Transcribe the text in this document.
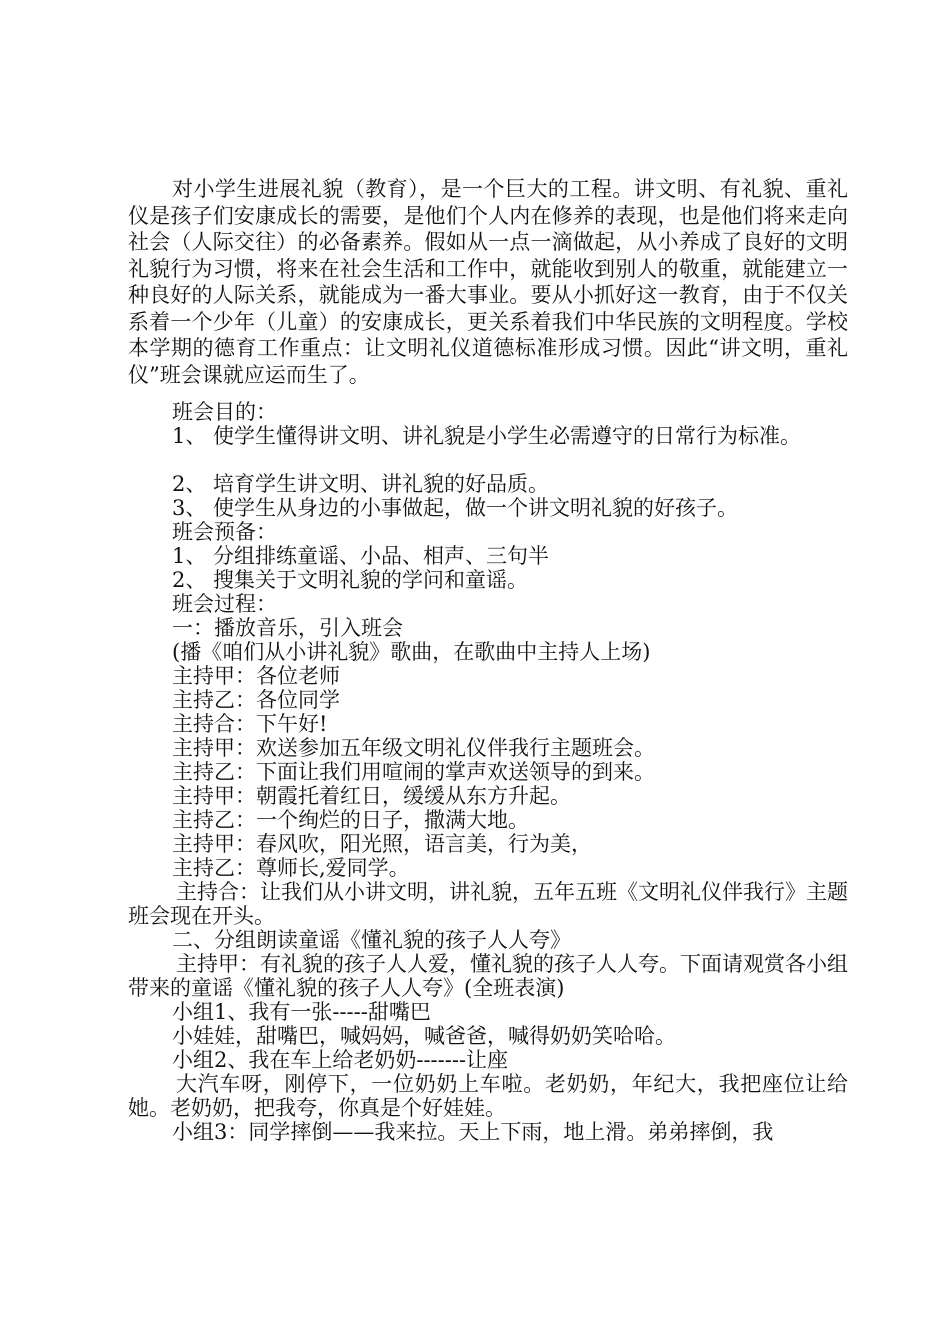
对小学生进展礼貌（教育），是一个巨大的工程。讲文明、有礼貌、重礼仪是孩子们安康成长的需要，是他们个人内在修养的表现，也是他们将来走向社会（人际交往）的必备素养。假如从一点一滴做起，从小养成了良好的文明礼貌行为习惯，将来在社会生活和工作中，就能收到别人的敬重，就能建立一种良好的人际关系，就能成为一番大事业。要从小抓好这一教育，由于不仅关系着一个少年（儿童）的安康成长，更关系着我们中华民族的文明程度。学校本学期的德育工作重点：让文明礼仪道德标准形成习惯。因此“讲文明，重礼仪”班会课就应运而生了。

班会目的：
1、 使学生懂得讲文明、讲礼貌是小学生必需遵守的日常行为标准。
2、 培育学生讲文明、讲礼貌的好品质。
3、 使学生从身边的小事做起，做一个讲文明礼貌的好孩子。
班会预备：
1、 分组排练童谣、小品、相声、三句半
2、 搜集关于文明礼貌的学问和童谣。
班会过程：
一：播放音乐，引入班会
(播《咱们从小讲礼貌》歌曲，在歌曲中主持人上场)
主持甲：各位老师
主持乙：各位同学
主持合：下午好!
主持甲：欢送参加五年级文明礼仪伴我行主题班会。
主持乙：下面让我们用喧闹的掌声欢送领导的到来。
主持甲：朝霞托着红日，缓缓从东方升起。
主持乙：一个绚烂的日子，撒满大地。
主持甲：春风吹，阳光照，语言美，行为美，
主持乙：尊师长,爱同学。

主持合：让我们从小讲文明，讲礼貌，五年五班《文明礼仪伴我行》主题班会现在开头。

二、分组朗读童谣《懂礼貌的孩子人人夸》

主持甲：有礼貌的孩子人人爱，懂礼貌的孩子人人夸。下面请观赏各小组带来的童谣《懂礼貌的孩子人人夸》(全班表演)

小组1、我有一张-----甜嘴巴
小娃娃，甜嘴巴，喊妈妈，喊爸爸，喊得奶奶笑哈哈。
小组2、我在车上给老奶奶-------让座

大汽车呀，刚停下，一位奶奶上车啦。老奶奶，年纪大，我把座位让给她。老奶奶，把我夸，你真是个好娃娃。

小组3：同学摔倒——我来拉。天上下雨，地上滑。弟弟摔倒，我
